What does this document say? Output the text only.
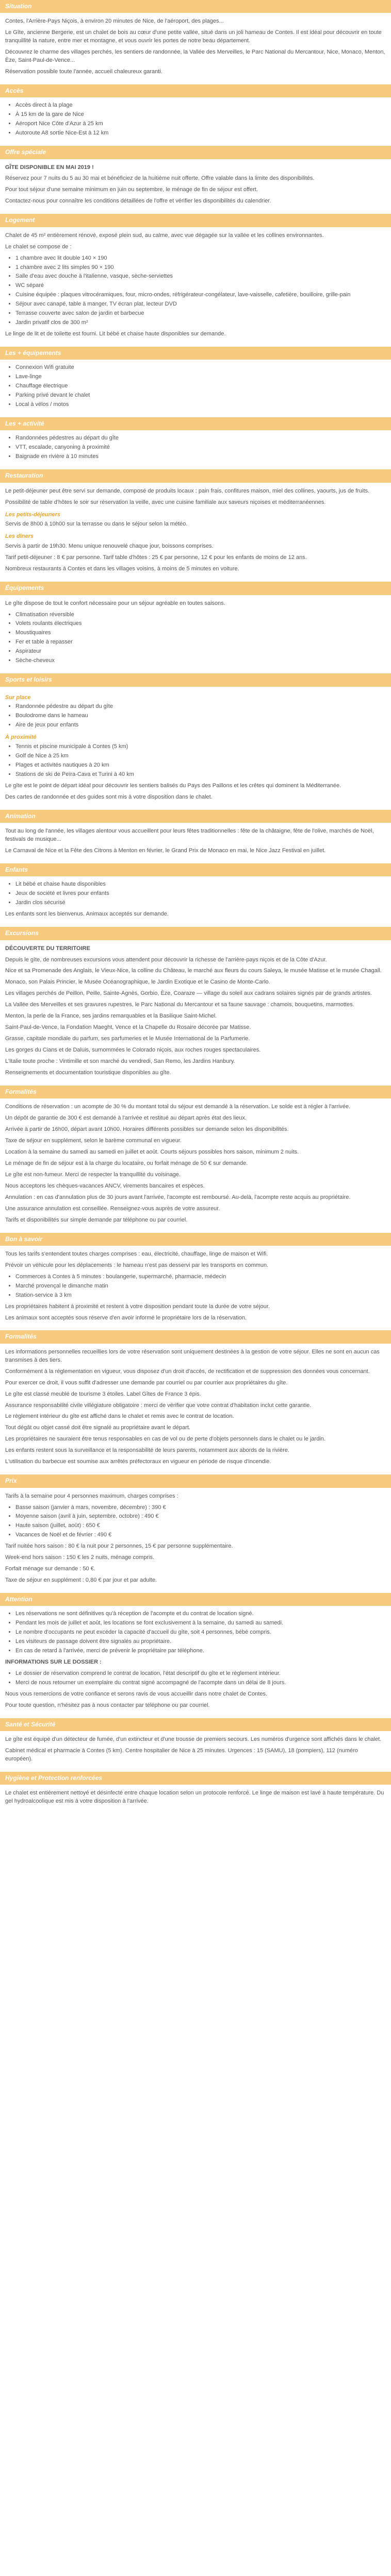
Situation

Contes, l'Arrière-Pays Niçois, à environ 20 minutes de Nice, de l'aéroport, des plages...

Le Gîte, ancienne Bergerie, est un chalet de bois au cœur d'une petite vallée, situé dans un joli hameau de Contes. Il est idéal pour découvrir en toute tranquillité la nature, entre mer et montagne, et vous ouvrir les portes de notre beau département.

Découvrez le charme des villages perchés, les sentiers de randonnée, la Vallée des Merveilles, le Parc National du Mercantour, Nice, Monaco, Menton, Èze, Saint-Paul-de-Vence...

Réservation possible toute l'année, accueil chaleureux garanti.

Accès
• Accès direct à la plage
• À 15 km de la gare de Nice
• Aéroport Nice Côte d'Azur à 25 km
• Autoroute A8 sortie Nice-Est à 12 km
Offre spéciale

GÎTE DISPONIBLE EN MAI 2019 !

Réservez pour 7 nuits du 5 au 30 mai et bénéficiez de la huitième nuit offerte. Offre valable dans la limite des disponibilités.

Pour tout séjour d'une semaine minimum en juin ou septembre, le ménage de fin de séjour est offert.

Contactez-nous pour connaître les conditions détaillées de l'offre et vérifier les disponibilités du calendrier.

Logement

Chalet de 45 m² entièrement rénové, exposé plein sud, au calme, avec vue dégagée sur la vallée et les collines environnantes.

Le chalet se compose de :

• 1 chambre avec lit double 140 × 190
• 1 chambre avec 2 lits simples 90 × 190
• Salle d'eau avec douche à l'italienne, vasque, sèche-serviettes
• WC séparé
• Cuisine équipée : plaques vitrocéramiques, four, micro-ondes, réfrigérateur-congélateur, lave-vaisselle, cafetière, bouilloire, grille-pain
• Séjour avec canapé, table à manger, TV écran plat, lecteur DVD
• Terrasse couverte avec salon de jardin et barbecue
• Jardin privatif clos de 300 m²

Le linge de lit et de toilette est fourni. Lit bébé et chaise haute disponibles sur demande.

Les + équipements
• Connexion Wifi gratuite
• Lave-linge
• Chauffage électrique
• Parking privé devant le chalet
• Local à vélos / motos
Les + activité
• Randonnées pédestres au départ du gîte
• VTT, escalade, canyoning à proximité
• Baignade en rivière à 10 minutes
Restauration

Le petit-déjeuner peut être servi sur demande, composé de produits locaux : pain frais, confitures maison, miel des collines, yaourts, jus de fruits.

Possibilité de table d'hôtes le soir sur réservation la veille, avec une cuisine familiale aux saveurs niçoises et méditerranéennes.

Les petits-déjeuners

Servis de 8h00 à 10h00 sur la terrasse ou dans le séjour selon la météo.

Les dîners

Servis à partir de 19h30. Menu unique renouvelé chaque jour, boissons comprises.

Tarif petit-déjeuner : 8 € par personne. Tarif table d'hôtes : 25 € par personne, 12 € pour les enfants de moins de 12 ans.

Nombreux restaurants à Contes et dans les villages voisins, à moins de 5 minutes en voiture.

Équipements

Le gîte dispose de tout le confort nécessaire pour un séjour agréable en toutes saisons.

• Climatisation réversible
• Volets roulants électriques
• Moustiquaires
• Fer et table à repasser
• Aspirateur
• Sèche-cheveux
Sports et loisirs
Sur place
• Randonnée pédestre au départ du gîte
• Boulodrome dans le hameau
• Aire de jeux pour enfants
À proximité
• Tennis et piscine municipale à Contes (5 km)
• Golf de Nice à 25 km
• Plages et activités nautiques à 20 km
• Stations de ski de Peïra-Cava et Turini à 40 km

Le gîte est le point de départ idéal pour découvrir les sentiers balisés du Pays des Paillons et les crêtes qui dominent la Méditerranée.

Des cartes de randonnée et des guides sont mis à votre disposition dans le chalet.

Animation

Tout au long de l'année, les villages alentour vous accueillent pour leurs fêtes traditionnelles : fête de la châtaigne, fête de l'olive, marchés de Noël, festivals de musique...

Le Carnaval de Nice et la Fête des Citrons à Menton en février, le Grand Prix de Monaco en mai, le Nice Jazz Festival en juillet.

Enfants
• Lit bébé et chaise haute disponibles
• Jeux de société et livres pour enfants
• Jardin clos sécurisé

Les enfants sont les bienvenus. Animaux acceptés sur demande.

Excursions

DÉCOUVERTE DU TERRITOIRE

Depuis le gîte, de nombreuses excursions vous attendent pour découvrir la richesse de l'arrière-pays niçois et de la Côte d'Azur.

Nice et sa Promenade des Anglais, le Vieux-Nice, la colline du Château, le marché aux fleurs du cours Saleya, le musée Matisse et le musée Chagall.

Monaco, son Palais Princier, le Musée Océanographique, le Jardin Exotique et le Casino de Monte-Carlo.

Les villages perchés de Peillon, Peille, Sainte-Agnès, Gorbio, Èze, Coaraze — village du soleil aux cadrans solaires signés par de grands artistes.

La Vallée des Merveilles et ses gravures rupestres, le Parc National du Mercantour et sa faune sauvage : chamois, bouquetins, marmottes.

Menton, la perle de la France, ses jardins remarquables et la Basilique Saint-Michel.

Saint-Paul-de-Vence, la Fondation Maeght, Vence et la Chapelle du Rosaire décorée par Matisse.

Grasse, capitale mondiale du parfum, ses parfumeries et le Musée International de la Parfumerie.

Les gorges du Cians et de Daluis, surnommées le Colorado niçois, aux roches rouges spectaculaires.

L'Italie toute proche : Vintimille et son marché du vendredi, San Remo, les Jardins Hanbury.

Renseignements et documentation touristique disponibles au gîte.

Formalités

Conditions de réservation : un acompte de 30 % du montant total du séjour est demandé à la réservation. Le solde est à régler à l'arrivée.

Un dépôt de garantie de 300 € est demandé à l'arrivée et restitué au départ après état des lieux.

Arrivée à partir de 16h00, départ avant 10h00. Horaires différents possibles sur demande selon les disponibilités.

Taxe de séjour en supplément, selon le barème communal en vigueur.

Location à la semaine du samedi au samedi en juillet et août. Courts séjours possibles hors saison, minimum 2 nuits.

Le ménage de fin de séjour est à la charge du locataire, ou forfait ménage de 50 € sur demande.

Le gîte est non-fumeur. Merci de respecter la tranquillité du voisinage.

Nous acceptons les chèques-vacances ANCV, virements bancaires et espèces.

Annulation : en cas d'annulation plus de 30 jours avant l'arrivée, l'acompte est remboursé. Au-delà, l'acompte reste acquis au propriétaire.

Une assurance annulation est conseillée. Renseignez-vous auprès de votre assureur.

Tarifs et disponibilités sur simple demande par téléphone ou par courriel.

Bon à savoir

Tous les tarifs s'entendent toutes charges comprises : eau, électricité, chauffage, linge de maison et Wifi.

Prévoir un véhicule pour les déplacements : le hameau n'est pas desservi par les transports en commun.

• Commerces à Contes à 5 minutes : boulangerie, supermarché, pharmacie, médecin
• Marché provençal le dimanche matin
• Station-service à 3 km

Les propriétaires habitent à proximité et restent à votre disposition pendant toute la durée de votre séjour.

Les animaux sont acceptés sous réserve d'en avoir informé le propriétaire lors de la réservation.

Formalités

Les informations personnelles recueillies lors de votre réservation sont uniquement destinées à la gestion de votre séjour. Elles ne sont en aucun cas transmises à des tiers.

Conformément à la réglementation en vigueur, vous disposez d'un droit d'accès, de rectification et de suppression des données vous concernant.

Pour exercer ce droit, il vous suffit d'adresser une demande par courriel ou par courrier aux propriétaires du gîte.

Le gîte est classé meublé de tourisme 3 étoiles. Label Gîtes de France 3 épis.

Assurance responsabilité civile villégiature obligatoire : merci de vérifier que votre contrat d'habitation inclut cette garantie.

Le règlement intérieur du gîte est affiché dans le chalet et remis avec le contrat de location.

Tout dégât ou objet cassé doit être signalé au propriétaire avant le départ.

Les propriétaires ne sauraient être tenus responsables en cas de vol ou de perte d'objets personnels dans le chalet ou le jardin.

Les enfants restent sous la surveillance et la responsabilité de leurs parents, notamment aux abords de la rivière.

L'utilisation du barbecue est soumise aux arrêtés préfectoraux en vigueur en période de risque d'incendie.

Prix

Tarifs à la semaine pour 4 personnes maximum, charges comprises :

• Basse saison (janvier à mars, novembre, décembre) : 390 €
• Moyenne saison (avril à juin, septembre, octobre) : 490 €
• Haute saison (juillet, août) : 650 €
• Vacances de Noël et de février : 490 €

Tarif nuitée hors saison : 80 € la nuit pour 2 personnes, 15 € par personne supplémentaire.

Week-end hors saison : 150 € les 2 nuits, ménage compris.

Forfait ménage sur demande : 50 €.

Taxe de séjour en supplément : 0,80 € par jour et par adulte.

Attention
• Les réservations ne sont définitives qu'à réception de l'acompte et du contrat de location signé.
• Pendant les mois de juillet et août, les locations se font exclusivement à la semaine, du samedi au samedi.
• Le nombre d'occupants ne peut excéder la capacité d'accueil du gîte, soit 4 personnes, bébé compris.
• Les visiteurs de passage doivent être signalés au propriétaire.
• En cas de retard à l'arrivée, merci de prévenir le propriétaire par téléphone.

INFORMATIONS SUR LE DOSSIER :

• Le dossier de réservation comprend le contrat de location, l'état descriptif du gîte et le règlement intérieur.
• Merci de nous retourner un exemplaire du contrat signé accompagné de l'acompte dans un délai de 8 jours.

Nous vous remercions de votre confiance et serons ravis de vous accueillir dans notre chalet de Contes.

Pour toute question, n'hésitez pas à nous contacter par téléphone ou par courriel.

Santé et Sécurité

Le gîte est équipé d'un détecteur de fumée, d'un extincteur et d'une trousse de premiers secours. Les numéros d'urgence sont affichés dans le chalet.

Cabinet médical et pharmacie à Contes (5 km). Centre hospitalier de Nice à 25 minutes. Urgences : 15 (SAMU), 18 (pompiers), 112 (numéro européen).

Hygiène et Protection renforcées

Le chalet est entièrement nettoyé et désinfecté entre chaque location selon un protocole renforcé. Le linge de maison est lavé à haute température. Du gel hydroalcoolique est mis à votre disposition à l'arrivée.
